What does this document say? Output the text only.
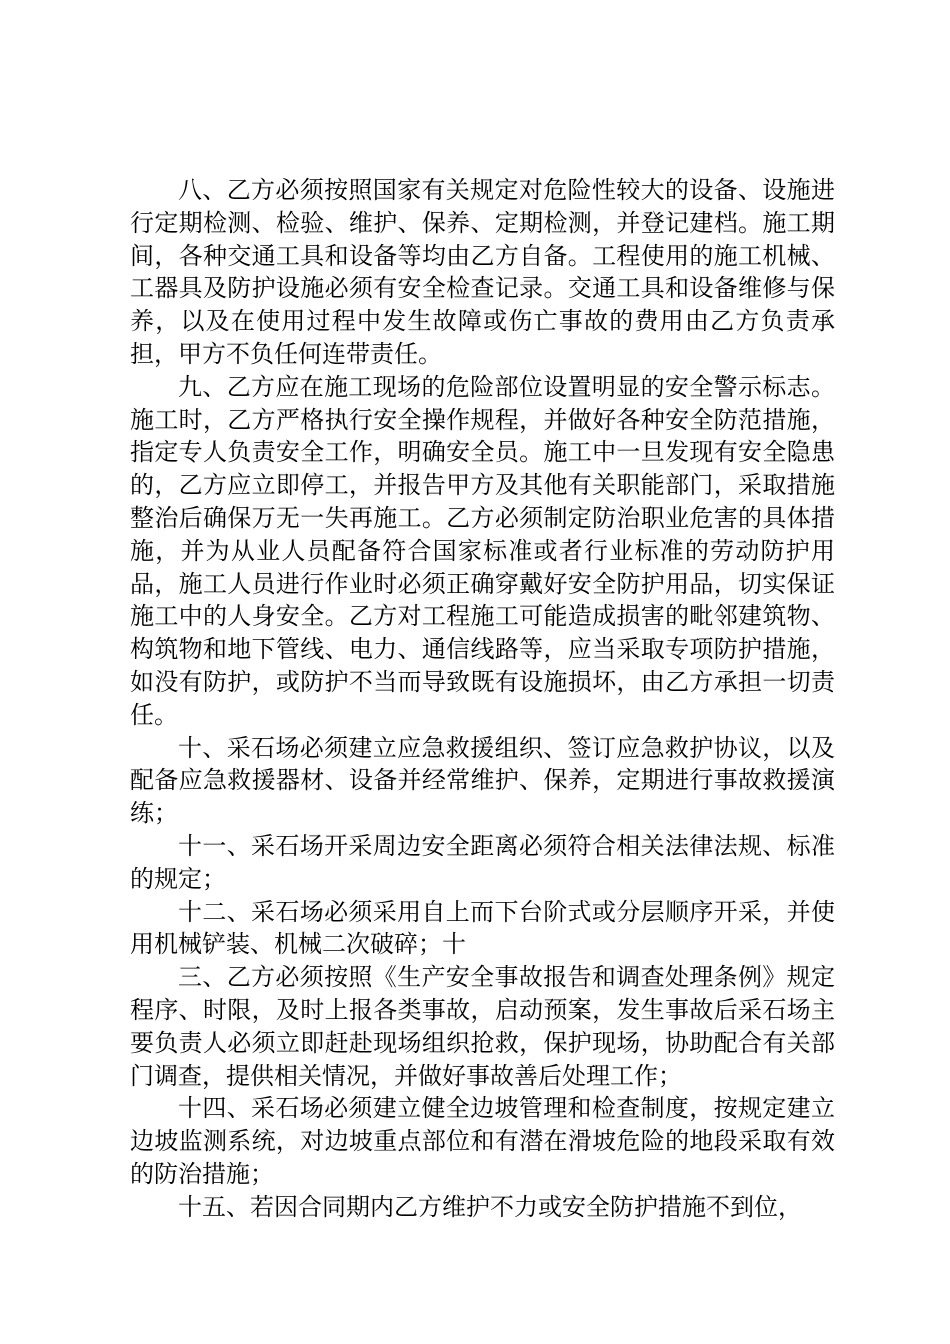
八、乙方必须按照国家有关规定对危险性较大的设备、设施进行定期检测、检验、维护、保养、定期检测，并登记建档。施工期间，各种交通工具和设备等均由乙方自备。工程使用的施工机械、工器具及防护设施必须有安全检查记录。交通工具和设备维修与保养，以及在使用过程中发生故障或伤亡事故的费用由乙方负责承担，甲方不负任何连带责任。

九、乙方应在施工现场的危险部位设置明显的安全警示标志。施工时，乙方严格执行安全操作规程，并做好各种安全防范措施，指定专人负责安全工作，明确安全员。施工中一旦发现有安全隐患的，乙方应立即停工，并报告甲方及其他有关职能部门，采取措施整治后确保万无一失再施工。乙方必须制定防治职业危害的具体措施，并为从业人员配备符合国家标准或者行业标准的劳动防护用品，施工人员进行作业时必须正确穿戴好安全防护用品，切实保证施工中的人身安全。乙方对工程施工可能造成损害的毗邻建筑物、构筑物和地下管线、电力、通信线路等，应当采取专项防护措施，如没有防护，或防护不当而导致既有设施损坏，由乙方承担一切责任。

十、采石场必须建立应急救援组织、签订应急救护协议，以及配备应急救援器材、设备并经常维护、保养，定期进行事故救援演练；

十一、采石场开采周边安全距离必须符合相关法律法规、标准的规定；

十二、采石场必须采用自上而下台阶式或分层顺序开采，并使用机械铲装、机械二次破碎；十

三、乙方必须按照《生产安全事故报告和调查处理条例》规定程序、时限，及时上报各类事故，启动预案，发生事故后采石场主要负责人必须立即赶赴现场组织抢救，保护现场，协助配合有关部门调查，提供相关情况，并做好事故善后处理工作；

十四、采石场必须建立健全边坡管理和检查制度，按规定建立边坡监测系统，对边坡重点部位和有潜在滑坡危险的地段采取有效的防治措施；

十五、若因合同期内乙方维护不力或安全防护措施不到位，
